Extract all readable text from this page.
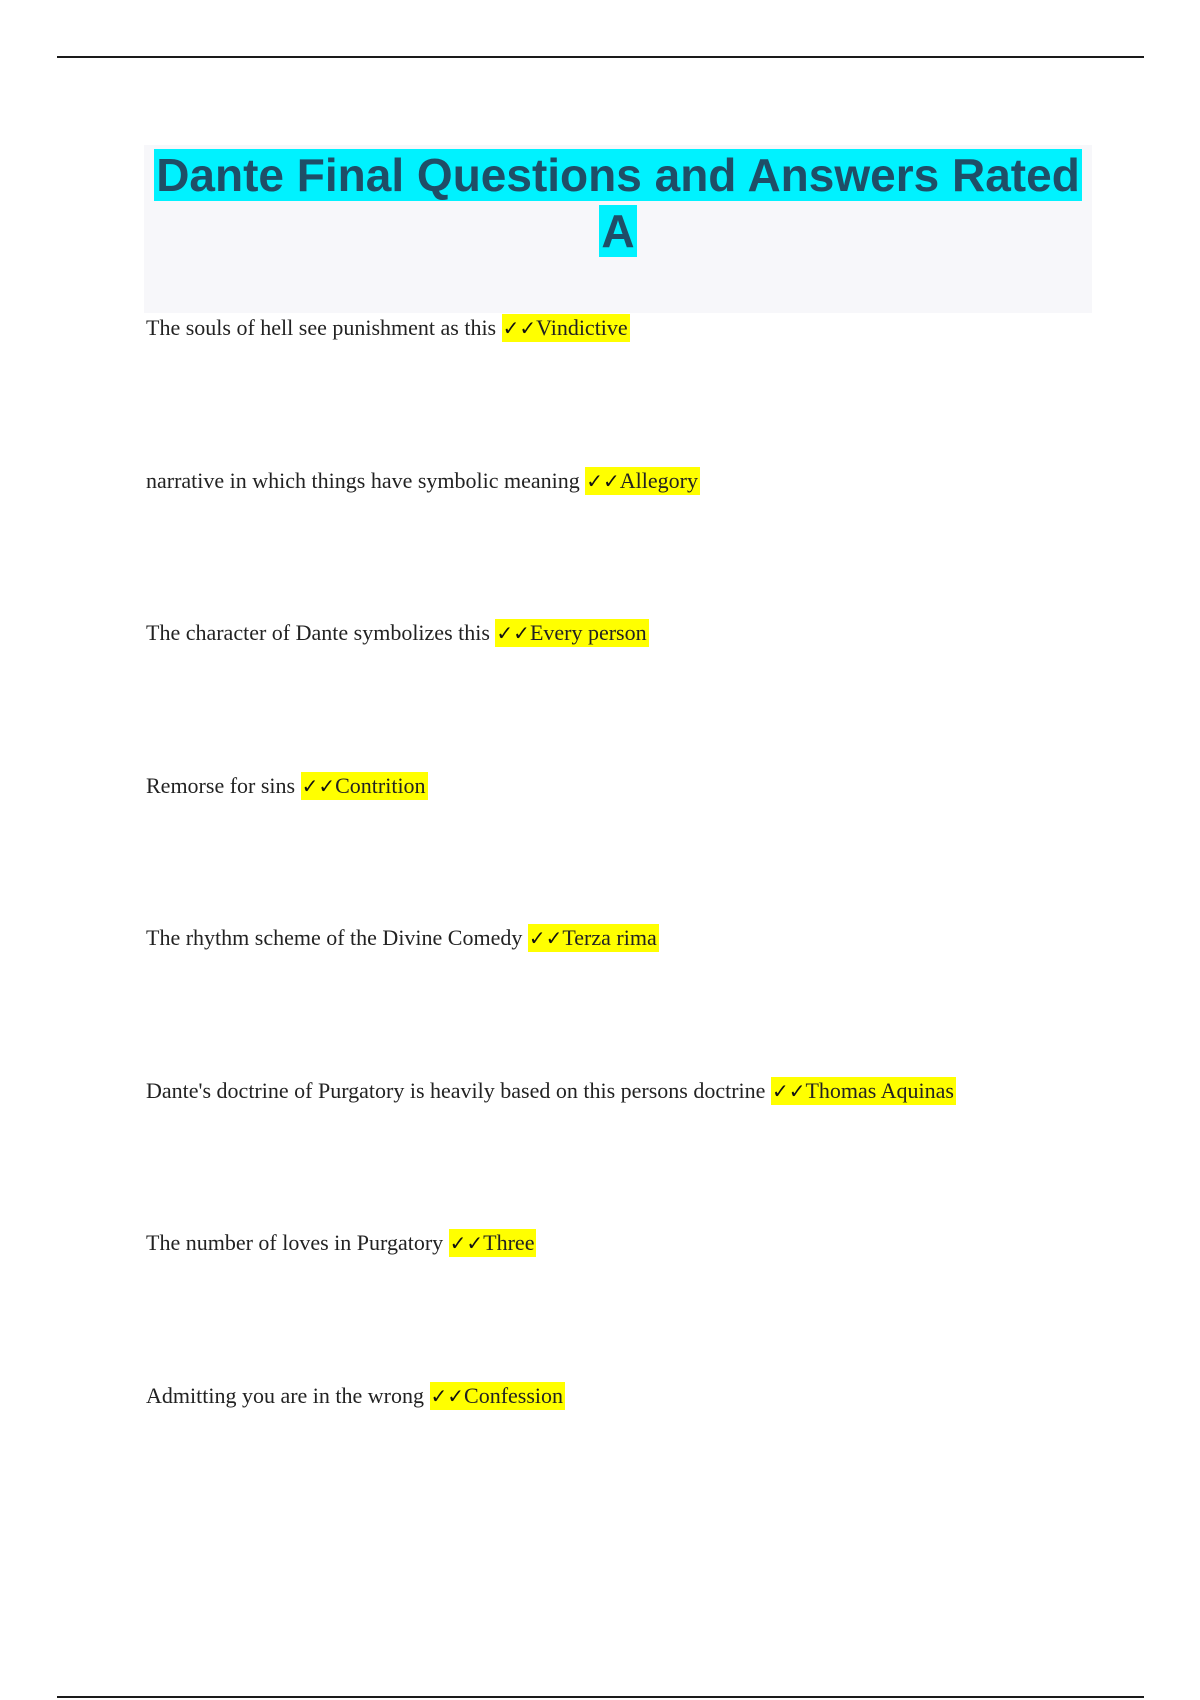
Dante Final Questions and Answers Rated A

The souls of hell see punishment as this ✓✓Vindictive

narrative in which things have symbolic meaning ✓✓Allegory

The character of Dante symbolizes this ✓✓Every person

Remorse for sins ✓✓Contrition

The rhythm scheme of the Divine Comedy ✓✓Terza rima

Dante's doctrine of Purgatory is heavily based on this persons doctrine ✓✓Thomas Aquinas

The number of loves in Purgatory ✓✓Three

Admitting you are in the wrong ✓✓Confession
